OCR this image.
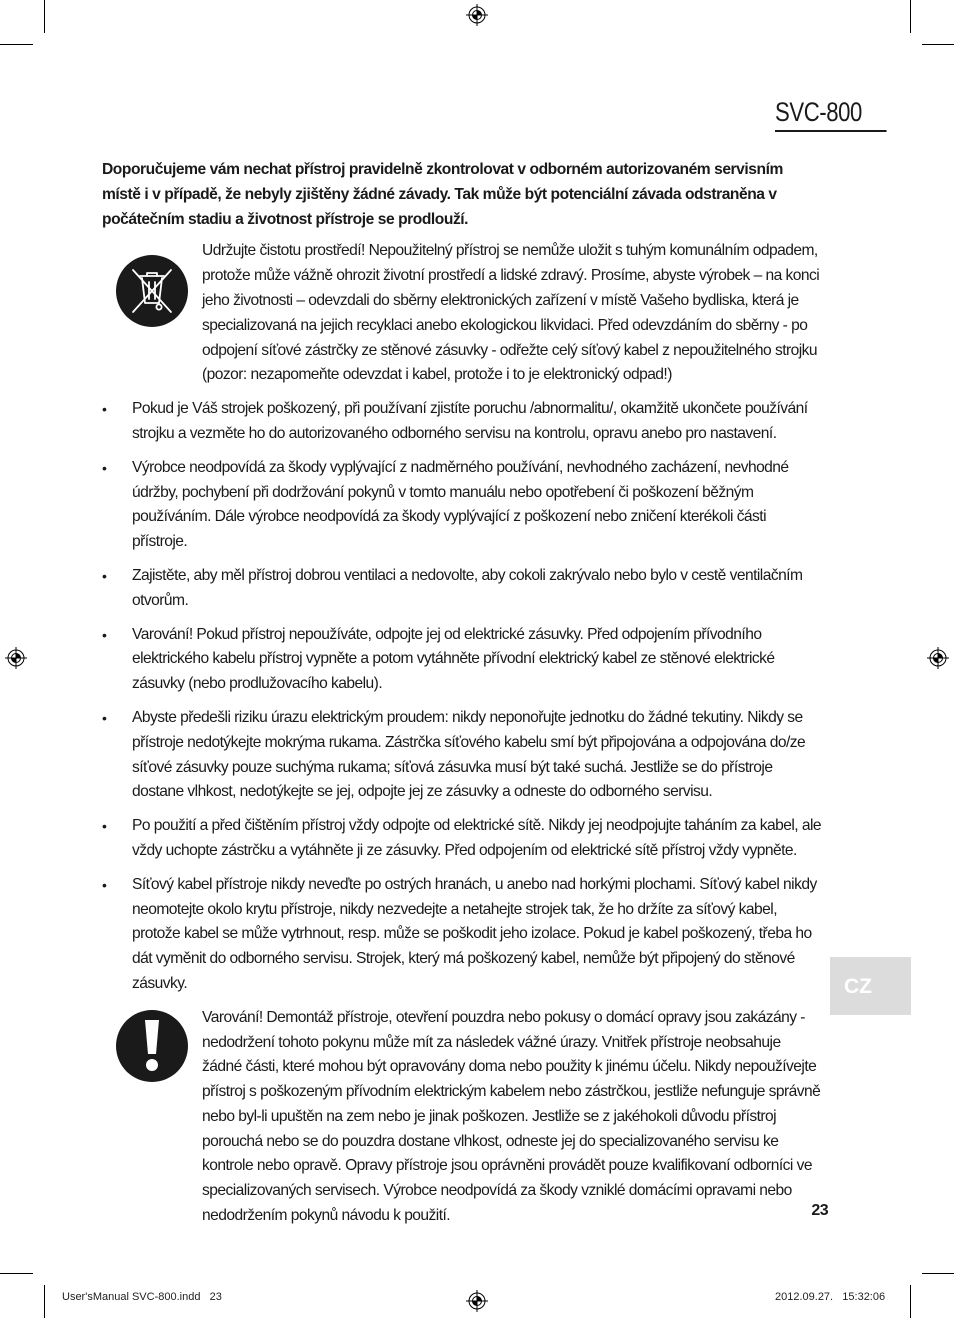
SVC-800

Doporučujeme vám nechat přístroj pravidelně zkontrolovat v odborném autorizovaném servisním místě i v případě, že nebyly zjištěny žádné závady. Tak může být potenciální závada odstraněna v počátečním stadiu a životnost přístroje se prodlouží.

Udržujte čistotu prostředí! Nepoužitelný přístroj se nemůže uložit s tuhým komunálním odpadem, protože může vážně ohrozit životní prostředí a lidské zdravý. Prosíme, abyste výrobek – na konci jeho životnosti – odevzdali do sběrny elektronických zařízení v místě Vašeho bydliska, která je specializovaná na jejich recyklaci anebo ekologickou likvidaci. Před odevzdáním do sběrny - po odpojení síťové zástrčky ze stěnové zásuvky - odřežte celý síťový kabel z nepoužitelného strojku (pozor: nezapomeňte odevzdat i kabel, protože i to je elektronický odpad!)
• Pokud je Váš strojek poškozený, při používaní zjistíte poruchu /abnormalitu/, okamžitě ukončete používání strojku a vezměte ho do autorizovaného odborného servisu na kontrolu, opravu anebo pro nastavení.
• Výrobce neodpovídá za škody vyplývající z nadměrného používání, nevhodného zacházení, nevhodné údržby, pochybení při dodržování pokynů v tomto manuálu nebo opotřebení či poškození běžným používáním. Dále výrobce neodpovídá za škody vyplývající z poškození nebo zničení kterékoli části přístroje.
• Zajistěte, aby měl přístroj dobrou ventilaci a nedovolte, aby cokoli zakrývalo nebo bylo v cestě ventilačním otvorům.
• Varování! Pokud přístroj nepoužíváte, odpojte jej od elektrické zásuvky. Před odpojením přívodního elektrického kabelu přístroj vypněte a potom vytáhněte přívodní elektrický kabel ze stěnové elektrické zásuvky (nebo prodlužovacího kabelu).
• Abyste předešli riziku úrazu elektrickým proudem: nikdy neponořujte jednotku do žádné tekutiny. Nikdy se přístroje nedotýkejte mokrýma rukama. Zástrčka síťového kabelu smí být připojována a odpojována do/ze síťové zásuvky pouze suchýma rukama; síťová zásuvka musí být také suchá. Jestliže se do přístroje dostane vlhkost, nedotýkejte se jej, odpojte jej ze zásuvky a odneste do odborného servisu.
• Po použití a před čištěním přístroj vždy odpojte od elektrické sítě. Nikdy jej neodpojujte taháním za kabel, ale vždy uchopte zástrčku a vytáhněte ji ze zásuvky. Před odpojením od elektrické sítě přístroj vždy vypněte.
• Síťový kabel přístroje nikdy neveďte po ostrých hranách, u anebo nad horkými plochami. Síťový kabel nikdy neomotejte okolo krytu přístroje, nikdy nezvedejte a netahejte strojek tak, že ho držíte za síťový kabel, protože kabel se může vytrhnout, resp. může se poškodit jeho izolace. Pokud je kabel poškozený, třeba ho dát vyměnit do odborného servisu. Strojek, který má poškozený kabel, nemůže být připojený do stěnové zásuvky.
Varování! Demontáž přístroje, otevření pouzdra nebo pokusy o domácí opravy jsou zakázány - nedodržení tohoto pokynu může mít za následek vážné úrazy. Vnitřek přístroje neobsahuje žádné části, které mohou být opravovány doma nebo použity k jinému účelu. Nikdy nepoužívejte přístroj s poškozeným přívodním elektrickým kabelem nebo zástrčkou, jestliže nefunguje správně nebo byl-li upuštěn na zem nebo je jinak poškozen. Jestliže se z jakéhokoli důvodu přístroj porouchá nebo se do pouzdra dostane vlhkost, odneste jej do specializovaného servisu ke kontrole nebo opravě. Opravy přístroje jsou oprávněni provádět pouze kvalifikovaní odborníci ve specializovaných servisech. Výrobce neodpovídá za škody vzniklé domácími opravami nebo nedodržením pokynů návodu k použití.
CZ
23
User'sManual SVC-800.indd   23	2012.09.27.   15:32:06
